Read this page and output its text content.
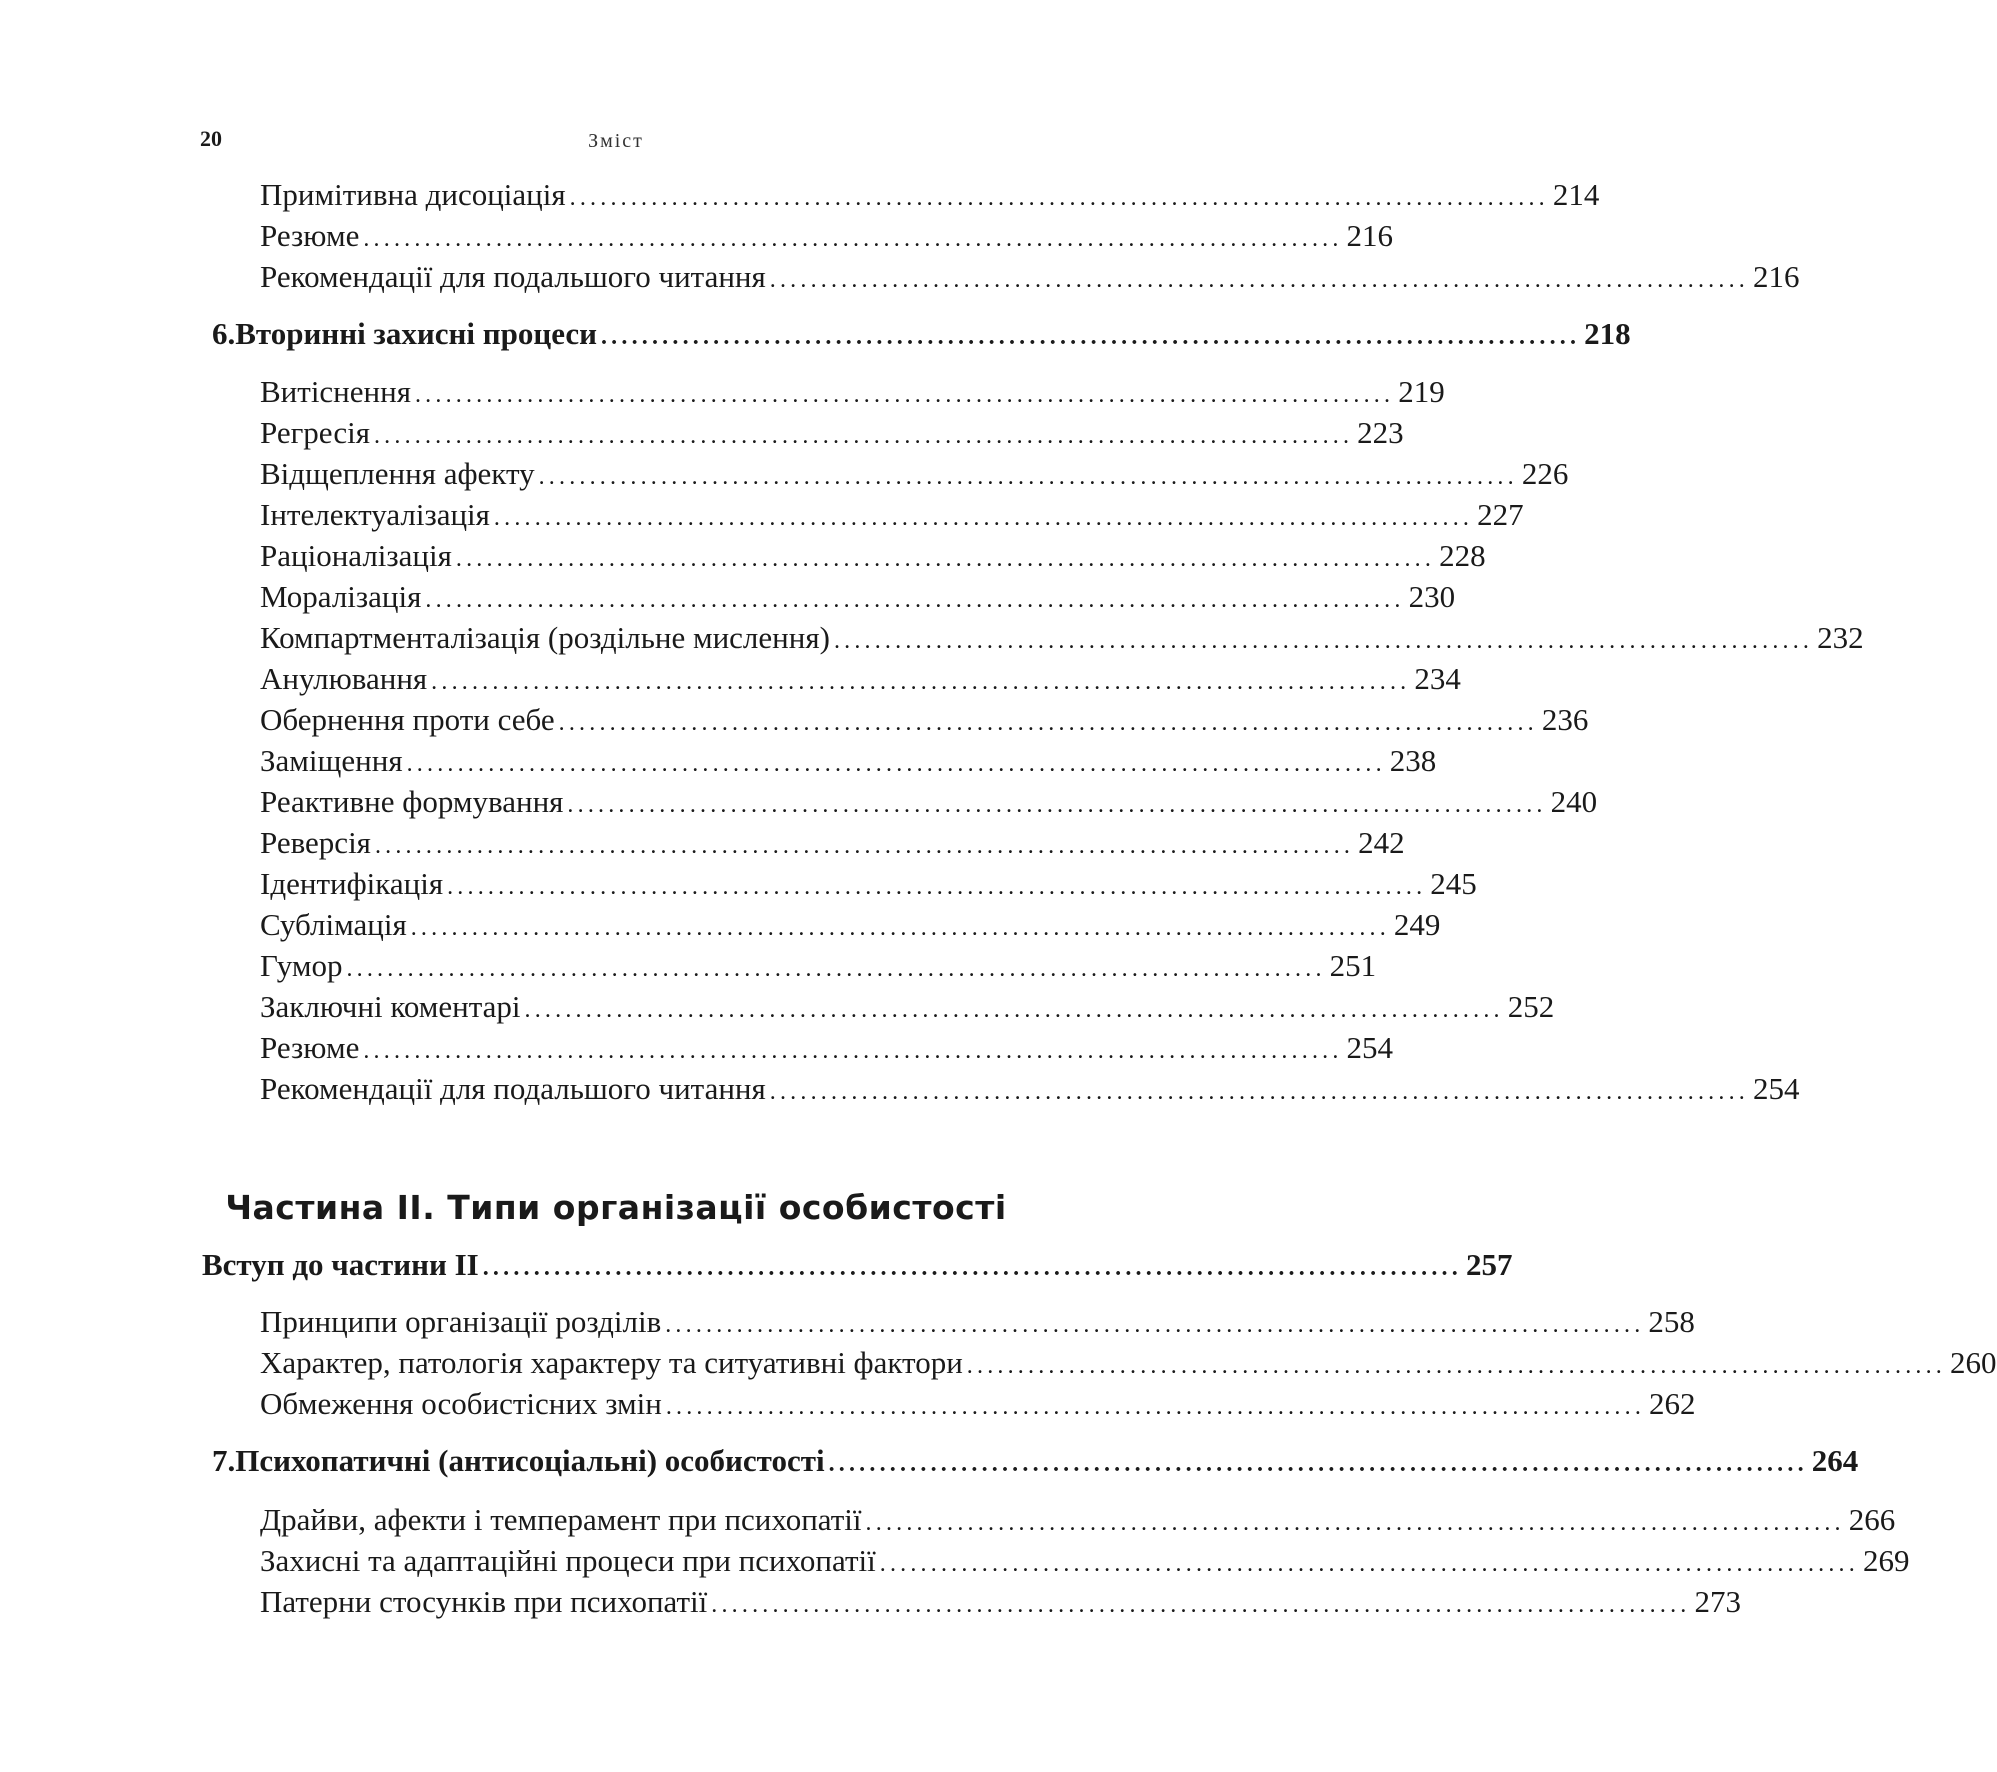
20	Зміст
Примітивна дисоціація ................................................................................................ 214
Резюме ................................................................................................ 216
Рекомендації для подальшого читання ................................................................................................ 216
6. Вторинні захисні процеси ................................................................................................ 218
Витіснення ................................................................................................ 219
Регресія ................................................................................................ 223
Відщеплення афекту ................................................................................................ 226
Інтелектуалізація ................................................................................................ 227
Раціоналізація ................................................................................................ 228
Моралізація ................................................................................................ 230
Компартменталізація (роздільне мислення) ................................................................................................ 232
Анулювання ................................................................................................ 234
Обернення проти себе ................................................................................................ 236
Заміщення ................................................................................................ 238
Реактивне формування ................................................................................................ 240
Реверсія ................................................................................................ 242
Ідентифікація ................................................................................................ 245
Сублімація ................................................................................................ 249
Гумор ................................................................................................ 251
Заключні коментарі ................................................................................................ 252
Резюме ................................................................................................ 254
Рекомендації для подальшого читання ................................................................................................ 254
Частина ІІ. Типи організації особистості
Вступ до частини II ................................................................................................ 257
Принципи організації розділів ................................................................................................ 258
Характер, патологія характеру та ситуативні фактори ................................................................................................ 260
Обмеження особистісних змін ................................................................................................ 262
7. Психопатичні (антисоціальні) особистості ................................................................................................ 264
Драйви, афекти і темперамент при психопатії ................................................................................................ 266
Захисні та адаптаційні процеси при психопатії ................................................................................................ 269
Патерни стосунків при психопатії ................................................................................................ 273
